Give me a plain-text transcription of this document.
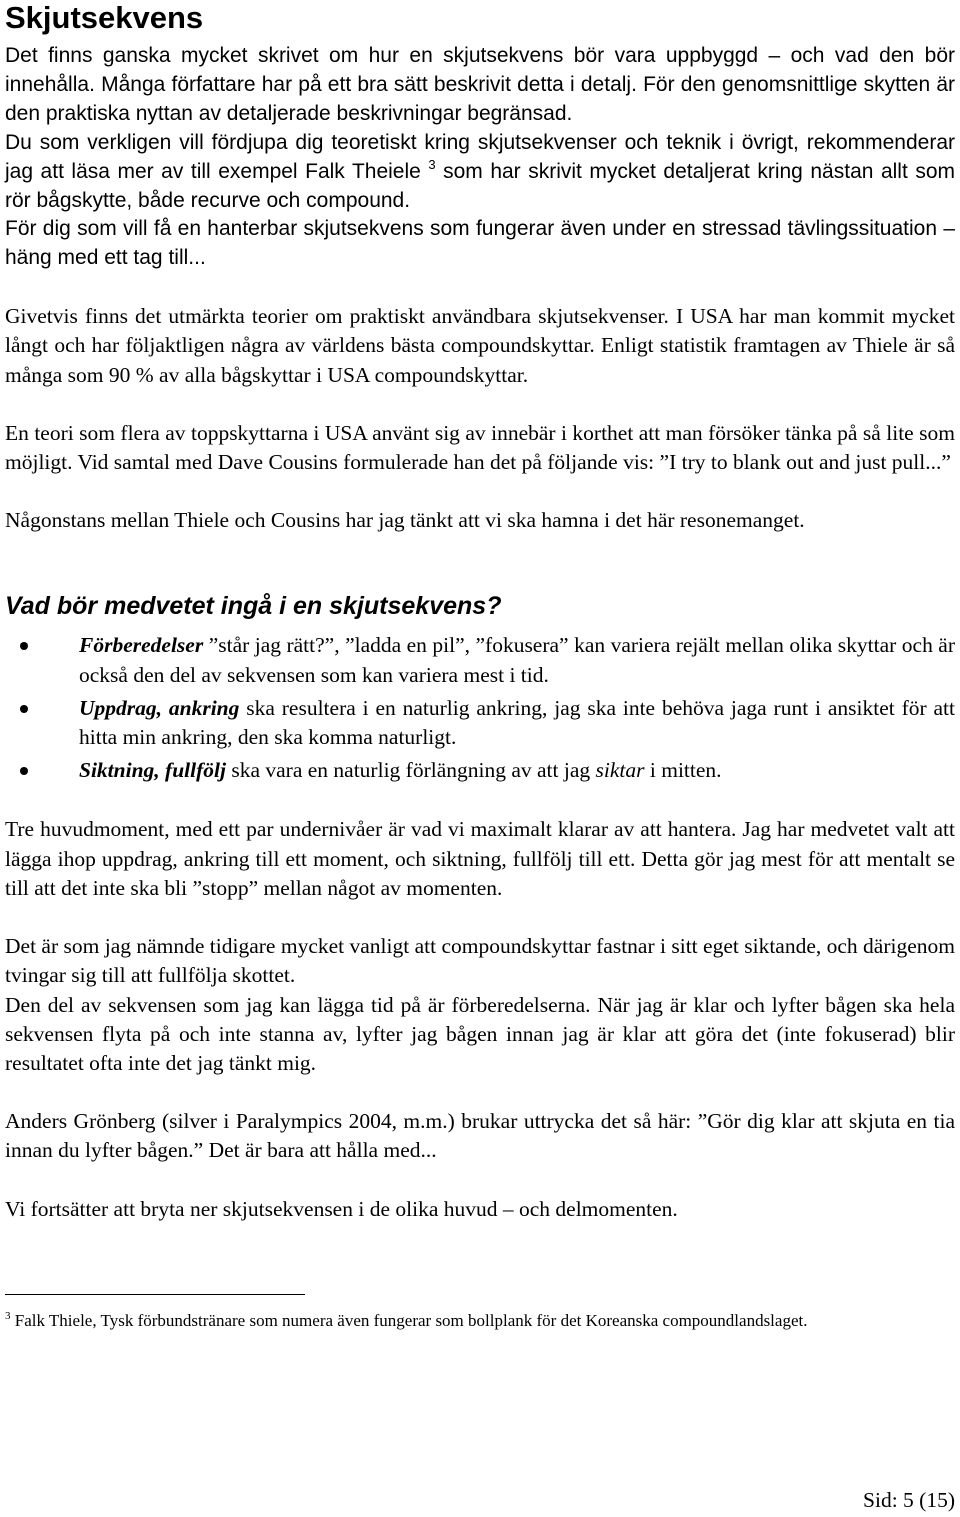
Skjutsekvens

Det finns ganska mycket skrivet om hur en skjutsekvens bör vara uppbyggd – och vad den bör innehålla. Många författare har på ett bra sätt beskrivit detta i detalj. För den genomsnittlige skytten är den praktiska nyttan av detaljerade beskrivningar begränsad.

Du som verkligen vill fördjupa dig teoretiskt kring skjutsekvenser och teknik i övrigt, rekommenderar jag att läsa mer av till exempel Falk Theiele $^3$ som har skrivit mycket detaljerat kring nästan allt som rör bågskytte, både recurve och compound.

För dig som vill få en hanterbar skjutsekvens som fungerar även under en stressad tävlingssituation – häng med ett tag till...

Givetvis finns det utmärkta teorier om praktiskt användbara skjutsekvenser. I USA har man kommit mycket långt och har följaktligen några av världens bästa compoundskyttar. Enligt statistik framtagen av Thiele är så många som 90 % av alla bågskyttar i USA compoundskyttar.

En teori som flera av toppskyttarna i USA använt sig av innebär i korthet att man försöker tänka på så lite som möjligt. Vid samtal med Dave Cousins formulerade han det på följande vis: ”I try to blank out and just pull...”

Någonstans mellan Thiele och Cousins har jag tänkt att vi ska hamna i det här resonemanget.

Vad bör medvetet ingå i en skjutsekvens?
Förberedelser ”står jag rätt?”, ”ladda en pil”, ”fokusera” kan variera rejält mellan olika skyttar och är också den del av sekvensen som kan variera mest i tid.
Uppdrag, ankring ska resultera i en naturlig ankring, jag ska inte behöva jaga runt i ansiktet för att hitta min ankring, den ska komma naturligt.
Siktning, fullfölj ska vara en naturlig förlängning av att jag siktar i mitten.

Tre huvudmoment, med ett par undernivåer är vad vi maximalt klarar av att hantera. Jag har medvetet valt att lägga ihop uppdrag, ankring till ett moment, och siktning, fullfölj till ett. Detta gör jag mest för att mentalt se till att det inte ska bli ”stopp” mellan något av momenten.

Det är som jag nämnde tidigare mycket vanligt att compoundskyttar fastnar i sitt eget siktande, och därigenom tvingar sig till att fullfölja skottet.

Den del av sekvensen som jag kan lägga tid på är förberedelserna. När jag är klar och lyfter bågen ska hela sekvensen flyta på och inte stanna av, lyfter jag bågen innan jag är klar att göra det (inte fokuserad) blir resultatet ofta inte det jag tänkt mig.

Anders Grönberg (silver i Paralympics 2004, m.m.) brukar uttrycka det så här: ”Gör dig klar att skjuta en tia innan du lyfter bågen.” Det är bara att hålla med...

Vi fortsätter att bryta ner skjutsekvensen i de olika huvud – och delmomenten.

$^3$ Falk Thiele, Tysk förbundstränare som numera även fungerar som bollplank för det Koreanska compoundlandslaget.

Sid: 5 (15)
